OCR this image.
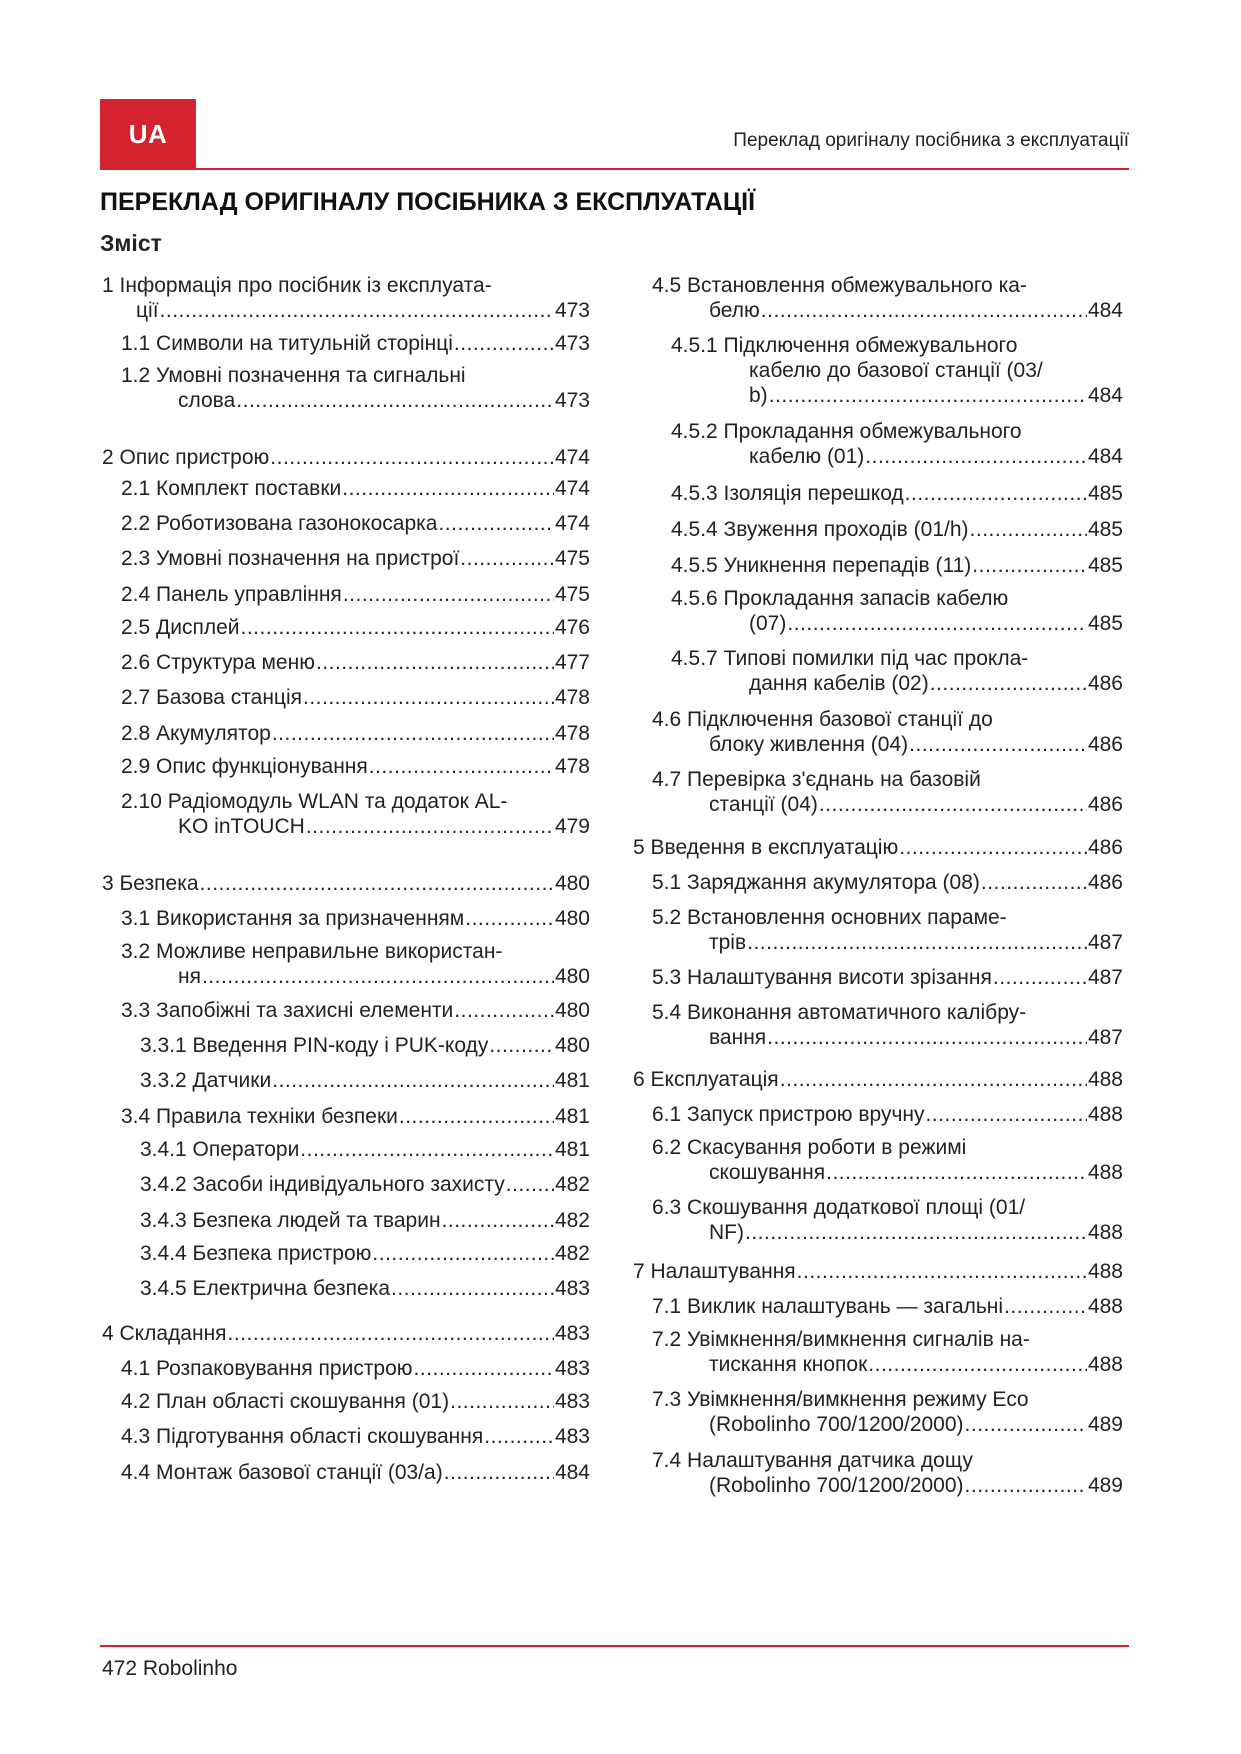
UA	Переклад оригіналу посібника з експлуатації
ПЕРЕКЛАД ОРИГІНАЛУ ПОСІБНИКА З ЕКСПЛУАТАЦІЇ
Зміст
1 Інформація про посібник із експлуата-
ції .....	473
1.1 Символи на титульній сторінці .....	473
1.2 Умовні позначення та сигнальні
слова .....	473
2 Опис пристрою .....	474
2.1 Комплект поставки .....	474
2.2 Роботизована газонокосарка .....	474
2.3 Умовні позначення на пристрої .....	475
2.4 Панель управління .....	475
2.5 Дисплей .....	476
2.6 Структура меню .....	477
2.7 Базова станція .....	478
2.8 Акумулятор .....	478
2.9 Опис функціонування .....	478
2.10 Радіомодуль WLAN та додаток AL-
KO inTOUCH .....	479
3 Безпека .....	480
3.1 Використання за призначенням .....	480
3.2 Можливе неправильне використан-
ня .....	480
3.3 Запобіжні та захисні елементи .....	480
3.3.1 Введення PIN-коду і PUK-коду .....	480
3.3.2 Датчики .....	481
3.4 Правила техніки безпеки .....	481
3.4.1 Оператори .....	481
3.4.2 Засоби індивідуального захисту ..... 482
3.4.3 Безпека людей та тварин .....	482
3.4.4 Безпека пристрою .....	482
3.4.5 Електрична безпека .....	483
4 Складання .....	483
4.1 Розпаковування пристрою .....	483
4.2 План області скошування (01) .....	483
4.3 Підготування області скошування .....	483
4.4 Монтаж базової станції (03/a) .....	484
4.5 Встановлення обмежувального ка-
белю .....	484
4.5.1 Підключення обмежувального
кабелю до базової станції (03/
b) .....	484
4.5.2 Прокладання обмежувального
кабелю (01) .....	484
4.5.3 Ізоляція перешкод .....	485
4.5.4 Звуження проходів (01/h) .....	485
4.5.5 Уникнення перепадів (11) .....	485
4.5.6 Прокладання запасів кабелю
(07) .....	485
4.5.7 Типові помилки під час прокла-
дання кабелів (02) .....	486
4.6 Підключення базової станції до
блоку живлення (04) .....	486
4.7 Перевірка з'єднань на базовій
станції (04) .....	486
5 Введення в експлуатацію .....	486
5.1 Заряджання акумулятора (08) .....	486
5.2 Встановлення основних параме-
трів .....	487
5.3 Налаштування висоти зрізання .....	487
5.4 Виконання автоматичного калібру-
вання .....	487
6 Експлуатація .....	488
6.1 Запуск пристрою вручну .....	488
6.2 Скасування роботи в режимі
скошування .....	488
6.3 Скошування додаткової площі (01/
NF) .....	488
7 Налаштування .....	488
7.1 Виклик налаштувань — загальні .....	488
7.2 Увімкнення/вимкнення сигналів на-
тискання кнопок .....	488
7.3 Увімкнення/вимкнення режиму Eco
(Robolinho 700/1200/2000) .....	489
7.4 Налаштування датчика дощу
(Robolinho 700/1200/2000) .....	489
472 Robolinho
